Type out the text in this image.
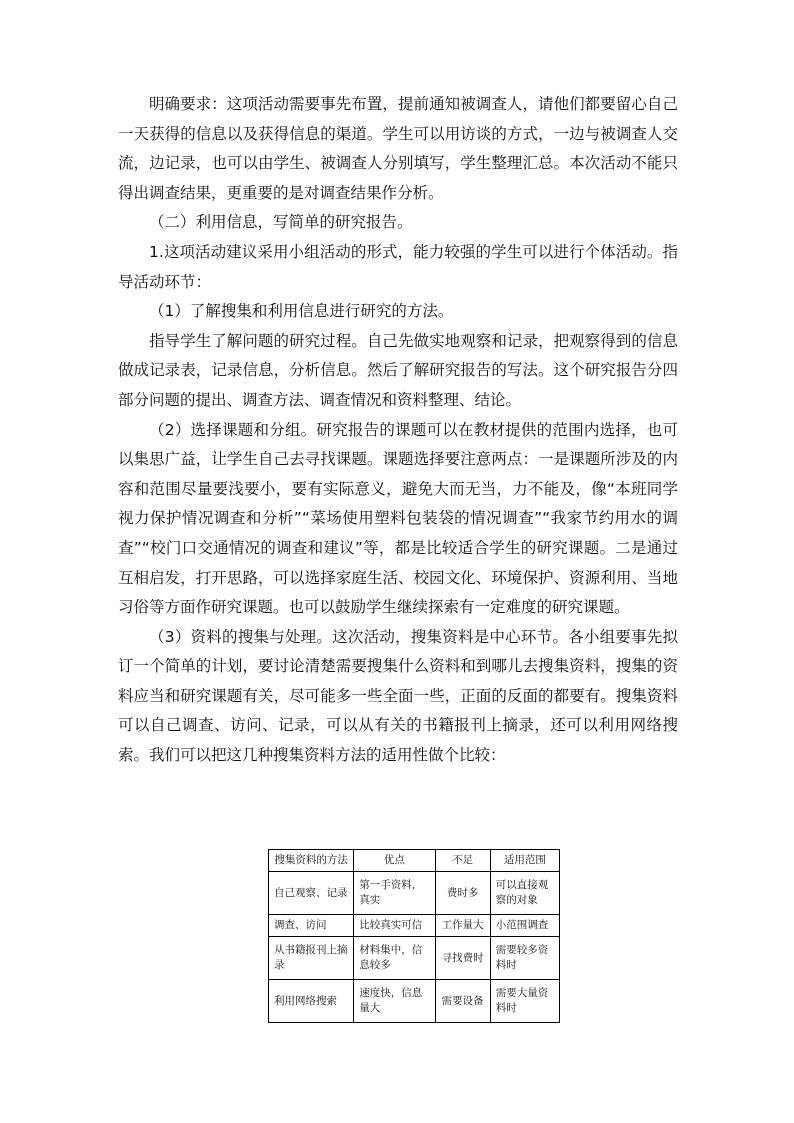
明确要求：这项活动需要事先布置，提前通知被调查人，请他们都要留心自己一天获得的信息以及获得信息的渠道。学生可以用访谈的方式，一边与被调查人交流，边记录，也可以由学生、被调查人分别填写，学生整理汇总。本次活动不能只得出调查结果，更重要的是对调查结果作分析。

（二）利用信息，写简单的研究报告。

1.这项活动建议采用小组活动的形式，能力较强的学生可以进行个体活动。指导活动环节：

（1）了解搜集和利用信息进行研究的方法。

指导学生了解问题的研究过程。自己先做实地观察和记录，把观察得到的信息做成记录表，记录信息，分析信息。然后了解研究报告的写法。这个研究报告分四部分问题的提出、调查方法、调查情况和资料整理、结论。

（2）选择课题和分组。研究报告的课题可以在教材提供的范围内选择，也可以集思广益，让学生自己去寻找课题。课题选择要注意两点：一是课题所涉及的内容和范围尽量要浅要小，要有实际意义，避免大而无当，力不能及，像“本班同学视力保护情况调查和分析”“菜场使用塑料包装袋的情况调查”“我家节约用水的调查”“校门口交通情况的调查和建议”等，都是比较适合学生的研究课题。二是通过互相启发，打开思路，可以选择家庭生活、校园文化、环境保护、资源利用、当地习俗等方面作研究课题。也可以鼓励学生继续探索有一定难度的研究课题。

（3）资料的搜集与处理。这次活动，搜集资料是中心环节。各小组要事先拟订一个简单的计划，要讨论清楚需要搜集什么资料和到哪儿去搜集资料，搜集的资料应当和研究课题有关，尽可能多一些全面一些，正面的反面的都要有。搜集资料可以自己调查、访问、记录，可以从有关的书籍报刊上摘录，还可以利用网络搜索。我们可以把这几种搜集资料方法的适用性做个比较：

搜集资料的方法	优点	不足	适用范围
自己观察、记录	第一手资料，真实	费时多	可以直接观察的对象
调查、访问	比较真实可信	工作量大	小范围调查
从书籍报刊上摘录	材料集中，信息较多	寻找费时	需要较多资料时
利用网络搜索	速度快，信息量大	需要设备	需要大量资料时
